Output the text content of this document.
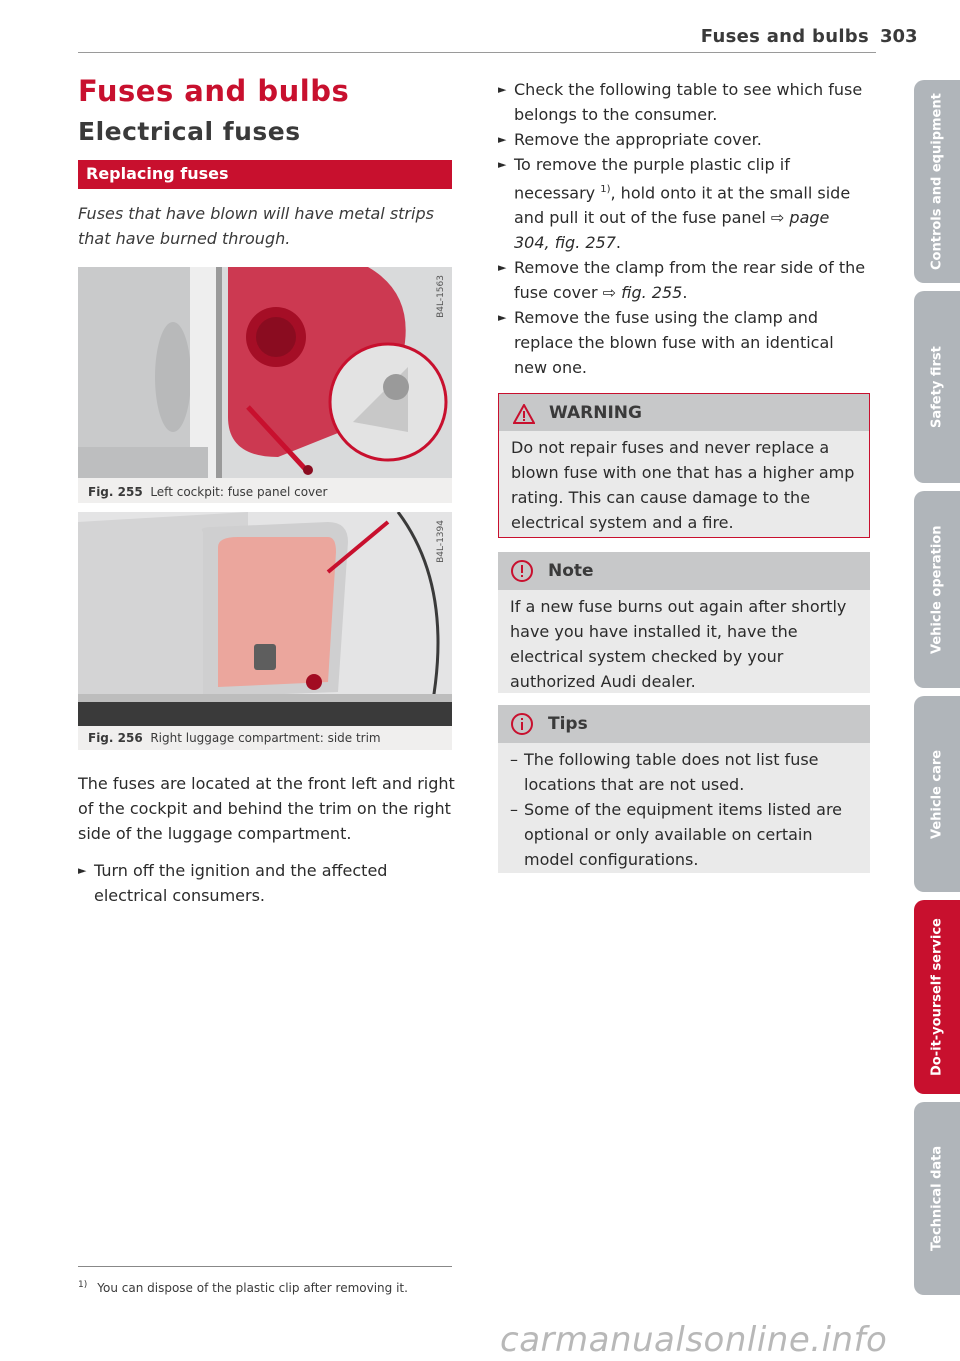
Fuses and bulbs 303
Fuses and bulbs
Electrical fuses
Replacing fuses
Fuses that have blown will have metal strips that have burned through.
Fig. 255 Left cockpit: fuse panel cover
B4L-1563
Fig. 256 Right luggage compartment: side trim
B4L-1394
The fuses are located at the front left and right of the cockpit and behind the trim on the right side of the luggage compartment.

► Turn off the ignition and the affected electrical consumers.

► Check the following table to see which fuse belongs to the consumer.

► Remove the appropriate cover.

► To remove the purple plastic clip if necessary $^{1)}$, hold onto it at the small side and pull it out of the fuse panel ⇨ page 304, fig. 257.

► Remove the clamp from the rear side of the fuse cover ⇨ fig. 255.

► Remove the fuse using the clamp and replace the blown fuse with an identical new one.

WARNING
Do not repair fuses and never replace a blown fuse with one that has a higher amp rating. This can cause damage to the electrical system and a fire.
Note
If a new fuse burns out again after shortly have you have installed it, have the electrical system checked by your authorized Audi dealer.
Tips
– The following table does not list fuse locations that are not used.
– Some of the equipment items listed are optional or only available on certain model configurations.
$^{1)}$ You can dispose of the plastic clip after removing it.
Controls and equipment
Safety first
Vehicle operation
Vehicle care
Do-it-yourself service
Technical data
carmanualsonline.info
